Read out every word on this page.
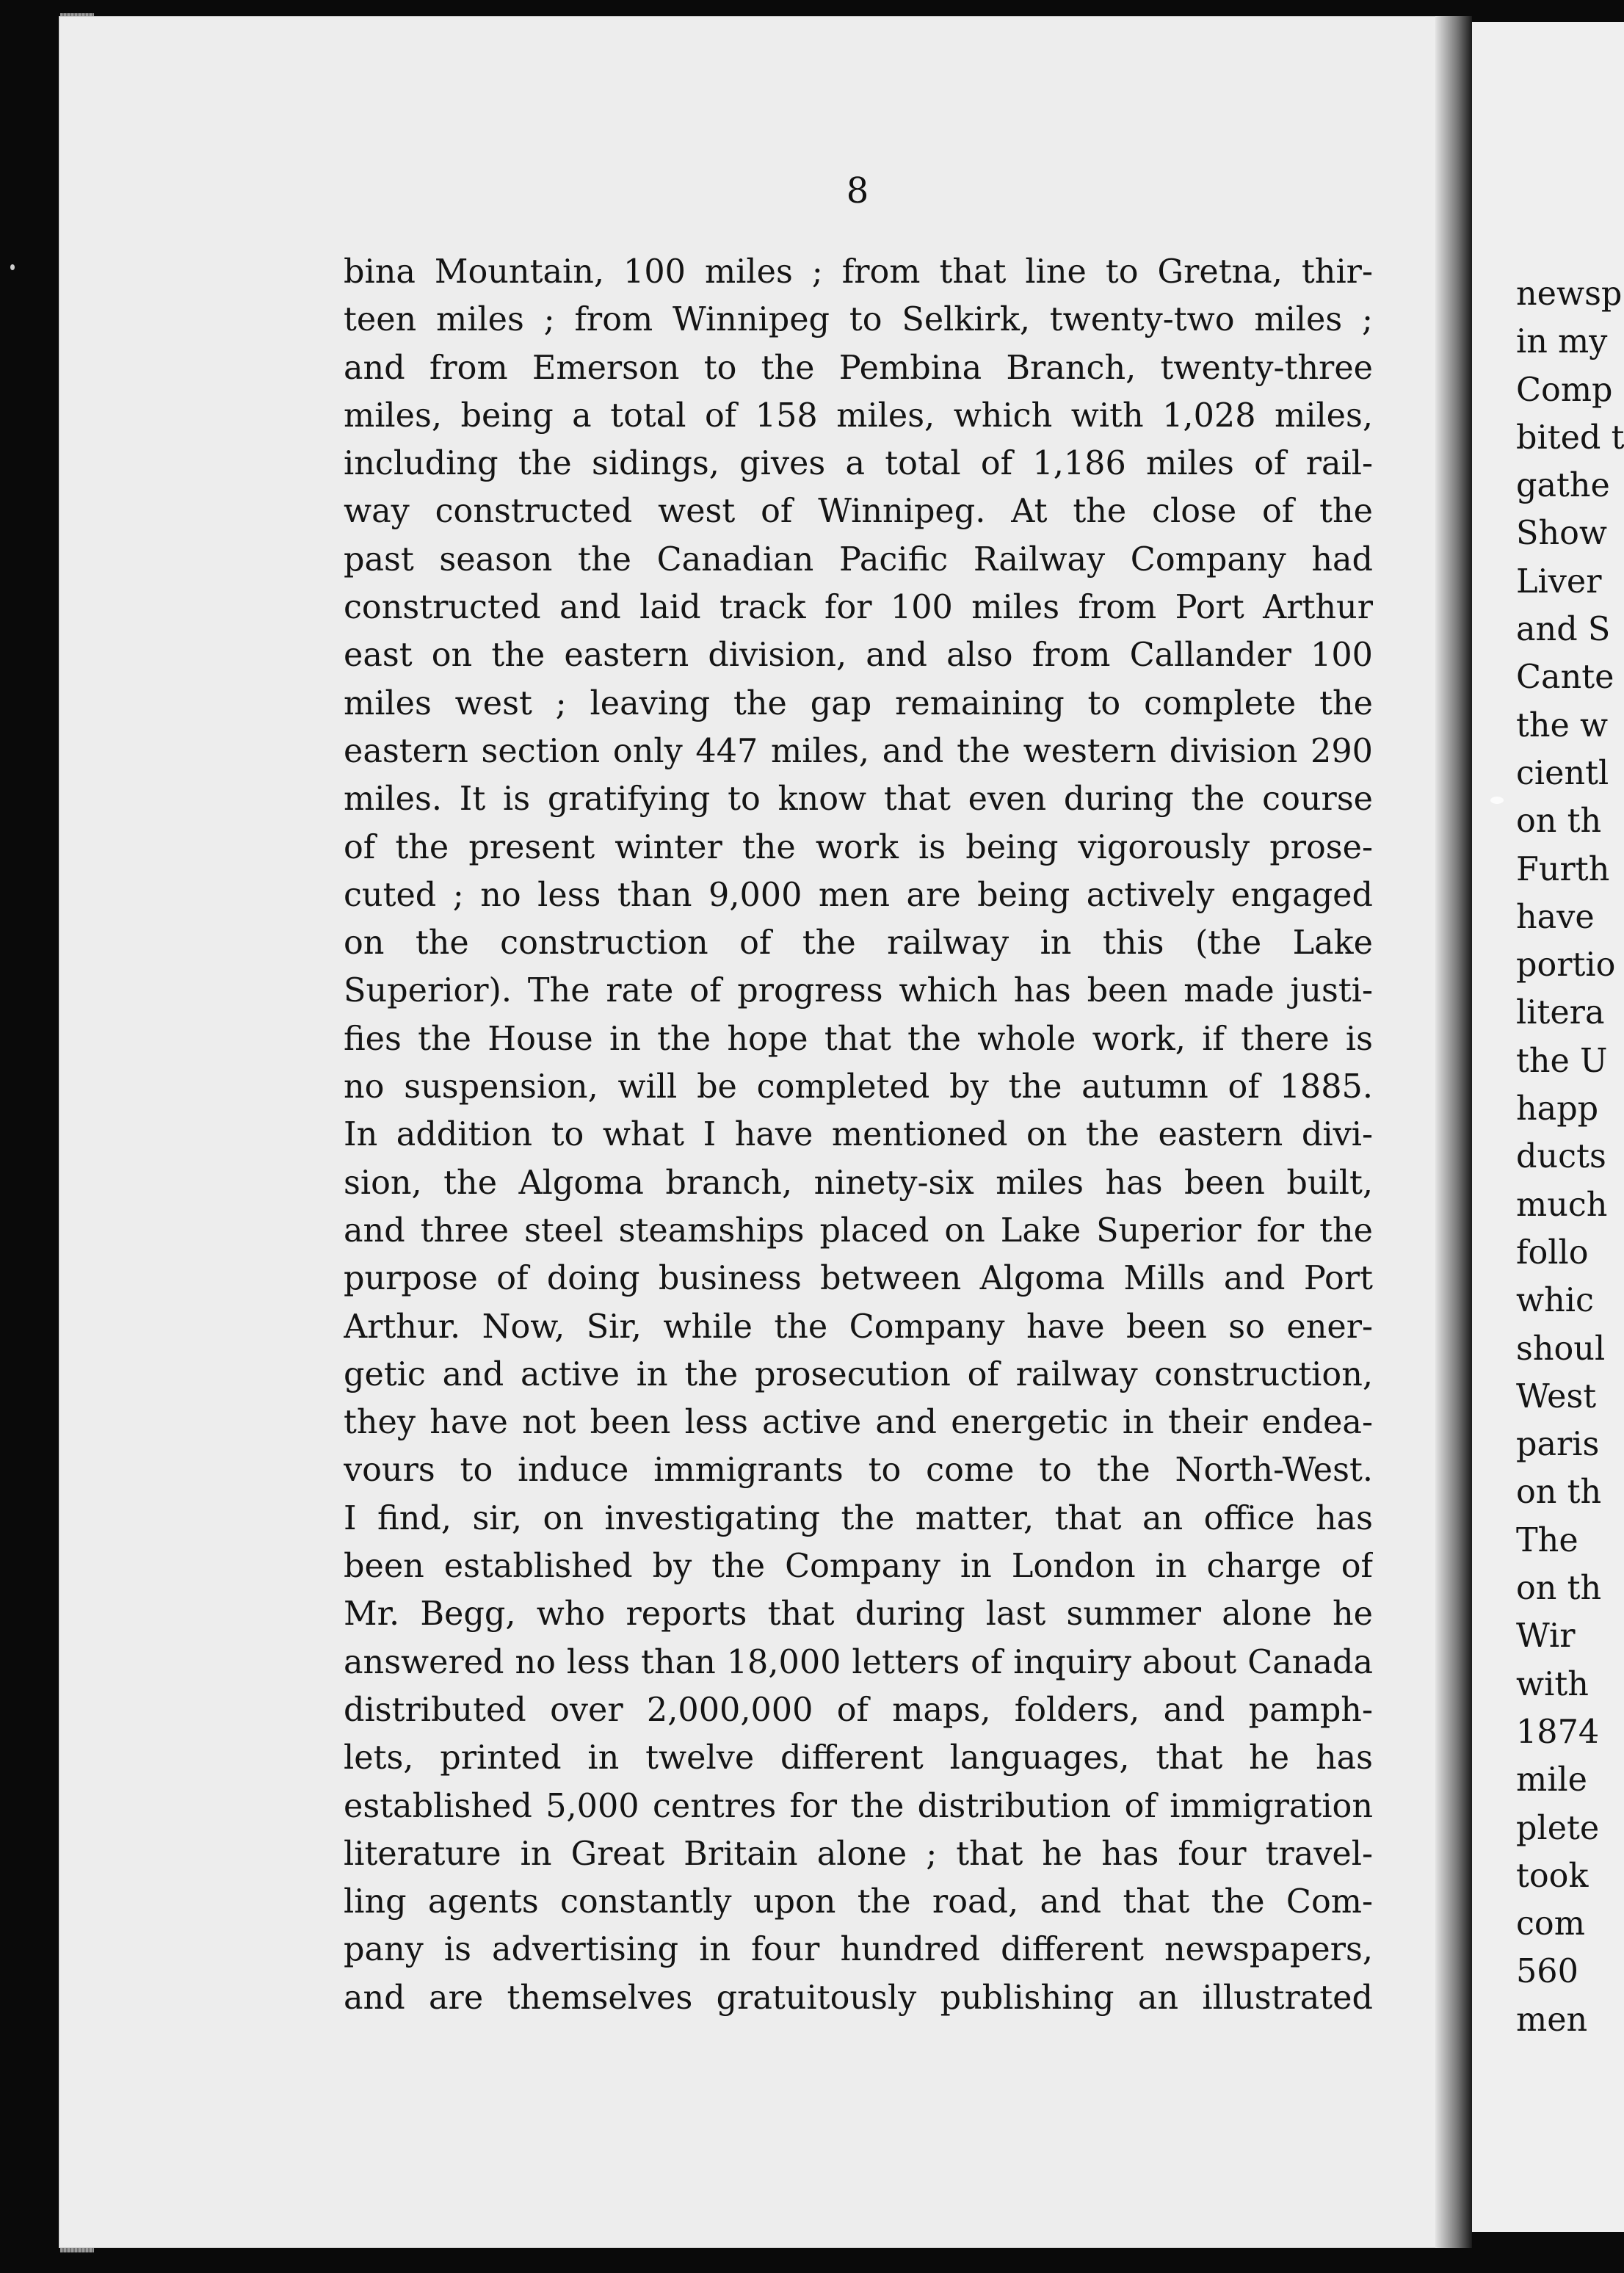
newsp
in my
Comp
bited t
gathe
Show
Liver
and S
Cante
the w
cientl
on th
Furth
have
portio
litera
the U
happ
ducts
much
follo
whic
shoul
West
paris
on th
The
on th
Wir
with
1874
mile
plete
took
com
560
men
8
bina Mountain, 100 miles ; from that line to Gretna, thir-
teen miles ; from Winnipeg to Selkirk, twenty-two miles ;
and from Emerson to the Pembina Branch, twenty-three
miles, being a total of 158 miles, which with 1,028 miles,
including the sidings, gives a total of 1,186 miles of rail-
way constructed west of Winnipeg. At the close of the
past season the Canadian Pacific Railway Company had
constructed and laid track for 100 miles from Port Arthur
east on the eastern division, and also from Callander 100
miles west ; leaving the gap remaining to complete the
eastern section only 447 miles, and the western division 290
miles. It is gratifying to know that even during the course
of the present winter the work is being vigorously prose-
cuted ; no less than 9,000 men are being actively engaged
on the construction of the railway in this (the Lake
Superior). The rate of progress which has been made justi-
fies the House in the hope that the whole work, if there is
no suspension, will be completed by the autumn of 1885.
In addition to what I have mentioned on the eastern divi-
sion, the Algoma branch, ninety-six miles has been built,
and three steel steamships placed on Lake Superior for the
purpose of doing business between Algoma Mills and Port
Arthur. Now, Sir, while the Company have been so ener-
getic and active in the prosecution of railway construction,
they have not been less active and energetic in their endea-
vours to induce immigrants to come to the North-West.
I find, sir, on investigating the matter, that an office has
been established by the Company in London in charge of
Mr. Begg, who reports that during last summer alone he
answered no less than 18,000 letters of inquiry about Canada
distributed over 2,000,000 of maps, folders, and pamph-
lets, printed in twelve different languages, that he has
established 5,000 centres for the distribution of immigration
literature in Great Britain alone ; that he has four travel-
ling agents constantly upon the road, and that the Com-
pany is advertising in four hundred different newspapers,
and are themselves gratuitously publishing an illustrated
